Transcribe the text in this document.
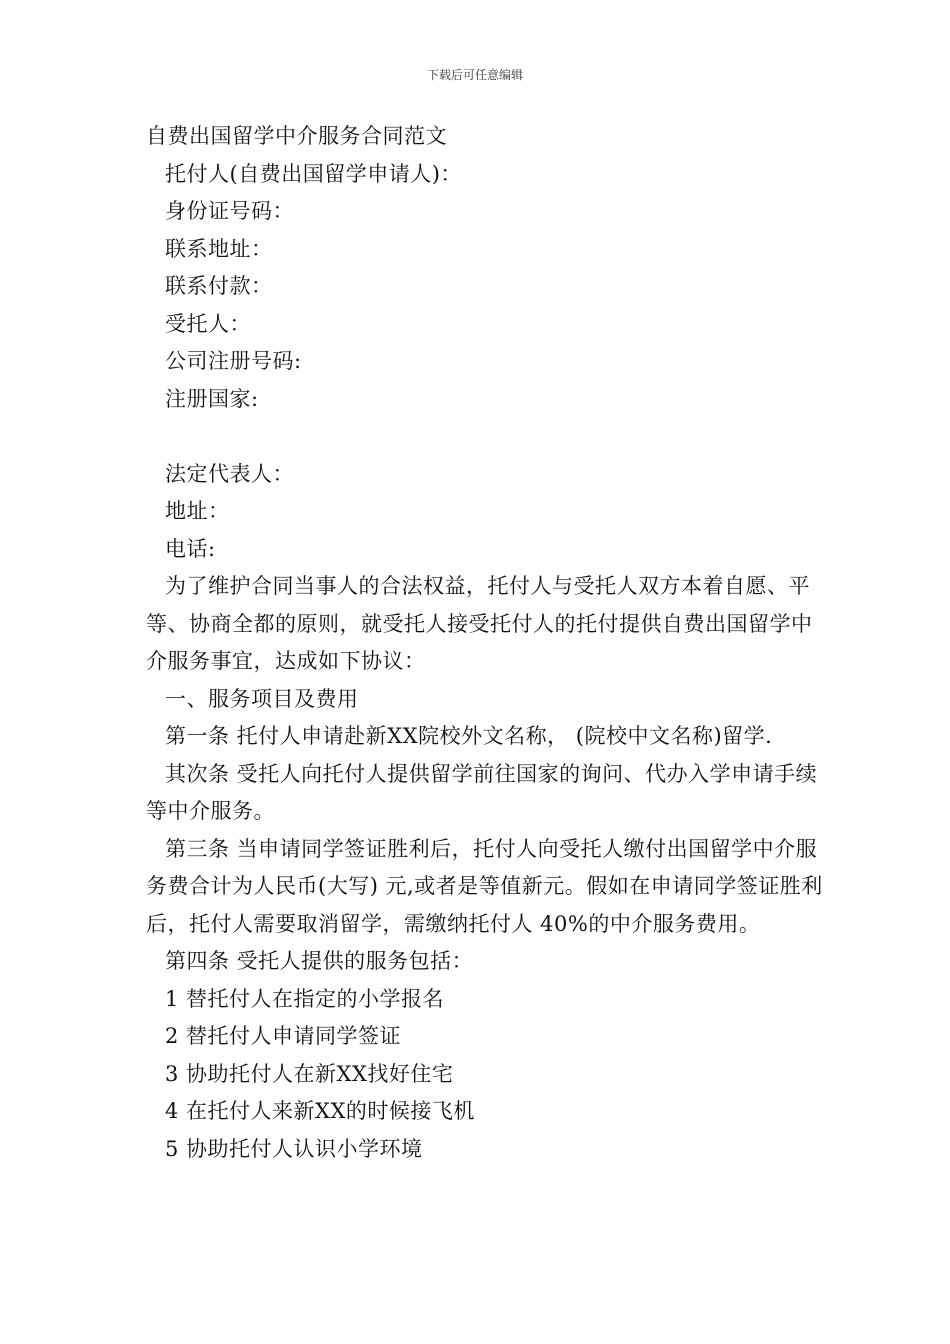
下载后可任意编辑
自费出国留学中介服务合同范文
托付人(自费出国留学申请人)：
身份证号码：
联系地址：
联系付款：
受托人：
公司注册号码:
注册国家:
法定代表人：
地址：
电话:
为了维护合同当事人的合法权益，托付人与受托人双方本着自愿、平等、协商全都的原则，就受托人接受托付人的托付提供自费出国留学中介服务事宜，达成如下协议：
一、服务项目及费用
第一条 托付人申请赴新XX院校外文名称， (院校中文名称)留学.
其次条 受托人向托付人提供留学前往国家的询问、代办入学申请手续等中介服务。
第三条 当申请同学签证胜利后，托付人向受托人缴付出国留学中介服务费合计为人民币(大写) 元,或者是等值新元。假如在申请同学签证胜利后，托付人需要取消留学，需缴纳托付人 40%的中介服务费用。
第四条 受托人提供的服务包括：
1 替托付人在指定的小学报名
2 替托付人申请同学签证
3 协助托付人在新XX找好住宅
4 在托付人来新XX的时候接飞机
5 协助托付人认识小学环境
